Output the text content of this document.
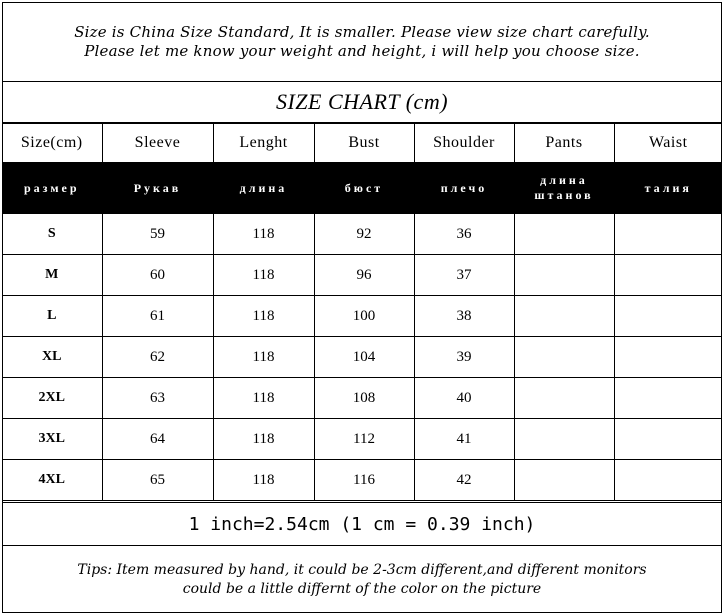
Size is China Size Standard, It is smaller. Please view size chart carefully.
Please let me know your weight and height, i will help you choose size.
SIZE CHART (cm)
Size(cm)	Sleeve	Lenght	Bust	Shoulder	Pants	Waist
размер	Рукав	длина	бюст	плечо	длина штанов	талия
S	59	118	92	36		
M	60	118	96	37		
L	61	118	100	38		
XL	62	118	104	39		
2XL	63	118	108	40		
3XL	64	118	112	41		
4XL	65	118	116	42		
1 inch=2.54cm (1 cm = 0.39 inch)
Tips: Item measured by hand, it could be 2-3cm different,and different monitors
could be a little differnt of the color on the picture
